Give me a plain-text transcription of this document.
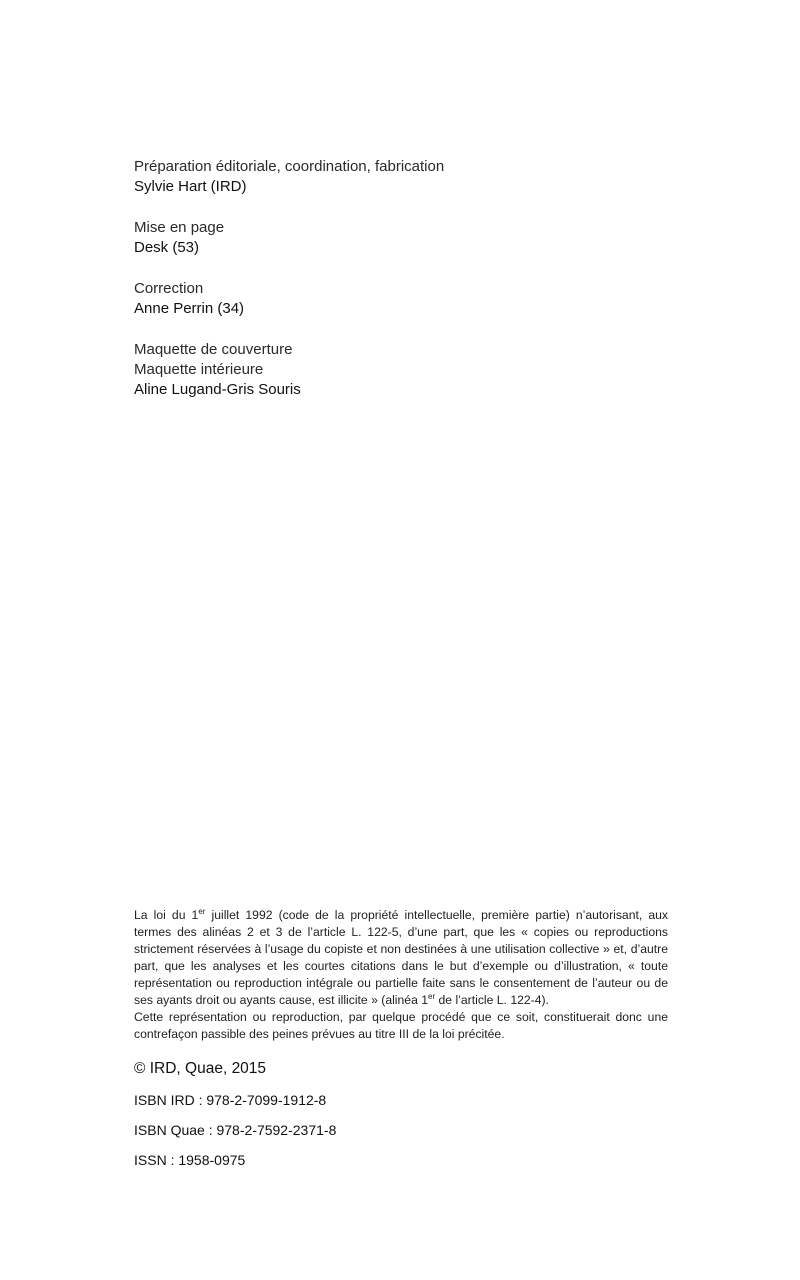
Préparation éditoriale, coordination, fabrication
Sylvie Hart (IRD)
Mise en page
Desk (53)
Correction
Anne Perrin (34)
Maquette de couverture
Maquette intérieure
Aline Lugand-Gris Souris

La loi du 1er juillet 1992 (code de la propriété intellectuelle, première partie) n’autorisant, aux termes des alinéas 2 et 3 de l’article L. 122-5, d’une part, que les « copies ou reproductions strictement réservées à l’usage du copiste et non destinées à une utilisation collective » et, d’autre part, que les analyses et les courtes citations dans le but d’exemple ou d’illustration, « toute représentation ou reproduction intégrale ou partielle faite sans le consentement de l’auteur ou de ses ayants droit ou ayants cause, est illicite » (alinéa 1er de l’article L. 122-4).

Cette représentation ou reproduction, par quelque procédé que ce soit, constituerait donc une contrefaçon passible des peines prévues au titre III de la loi précitée.

© IRD, Quae, 2015
ISBN IRD : 978-2-7099-1912-8
ISBN Quae : 978-2-7592-2371-8
ISSN : 1958-0975
